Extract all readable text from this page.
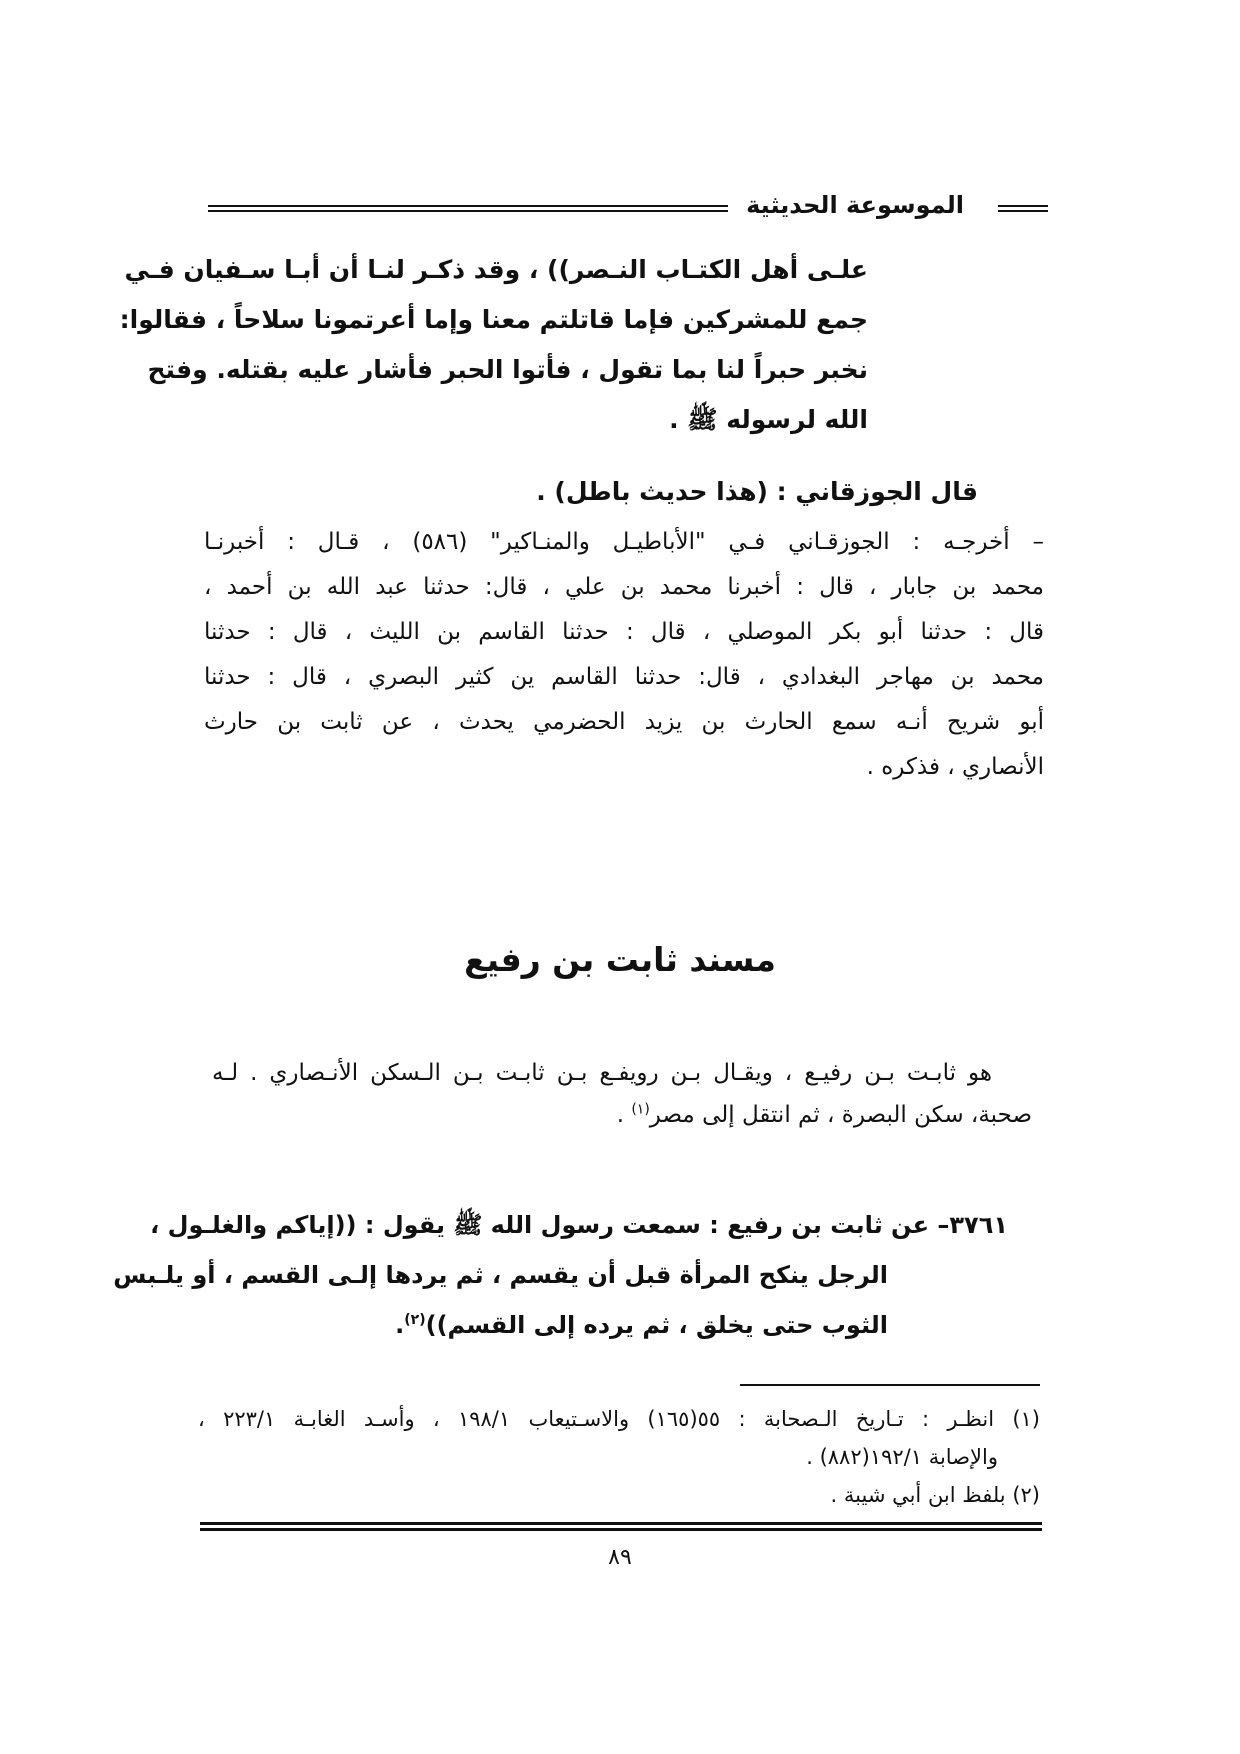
الموسوعة الحديثية
علـى أهل الكتـاب النـصر)) ، وقد ذكـر لنـا أن أبـا سـفيان فـي
جمع للمشركين فإما قاتلتم معنا وإما أعرتمونا سلاحاً ، فقالوا:
نخبر حبراً لنا بما تقول ، فأتوا الحبر فأشار عليه بقتله. وفتح
الله لرسوله ﷺ .
قال الجوزقاني : (هذا حديث باطل) .
– أخرجـه : الجوزقـاني فـي "الأباطيـل والمنـاكير" (٥٨٦) ، قـال : أخبرنـا
محمد بن جابار ، قال : أخبرنا محمد بن علي ، قال: حدثنا عبد الله بن أحمد ،
قال : حدثنا أبو بكر الموصلي ، قال : حدثنا القاسم بن الليث ، قال : حدثنا
محمد بن مهاجر البغدادي ، قال: حدثنا القاسم ين كثير البصري ، قال : حدثنا
أبو شريح أنـه سمع الحارث بن يزيد الحضرمي يحدث ، عن ثابت بن حارث
الأنصاري ، فذكره .
مسند ثابت بن رفيع
هو ثابـت بـن رفيـع ، ويقـال بـن رويفـع بـن ثابـت بـن الـسكن الأنـصاري . لـه
صحبة، سكن البصرة ، ثم انتقل إلى مصر$^{(١)}$ .
٣٧٦١– عن ثابت بن رفيع : سمعت رسول الله ﷺ يقول : ((إياكم والغلـول ،
الرجل ينكح المرأة قبل أن يقسم ، ثم يردها إلـى القسم ، أو يلـبس
الثوب حتى يخلق ، ثم يرده إلى القسم))$^{(٢)}$.
(١) انظـر : تـاريخ الـصحابة : ٥٥(١٦٥) والاسـتيعاب ١٩٨/١ ، وأسـد الغابـة ٢٢٣/١ ،
والإصابة ١٩٢/١(٨٨٢) .
(٢) بلفظ ابن أبي شيبة .
٨٩
